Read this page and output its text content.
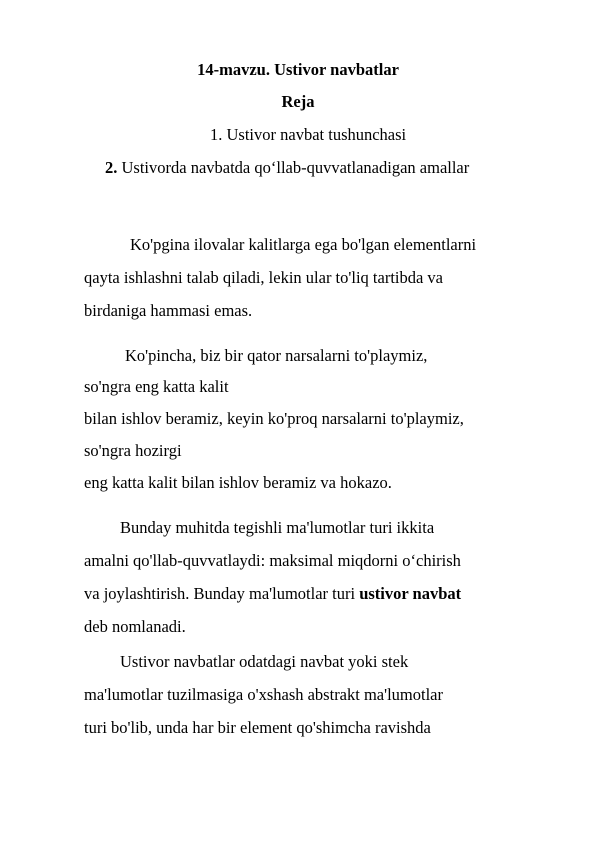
14-mavzu. Ustivor navbatlar
Reja
1. Ustivor navbat tushunchasi
2. Ustivorda navbatda qo‘llab-quvvatlanadigan amallar
Ko'pgina ilovalar kalitlarga ega bo'lgan elementlarni
qayta ishlashni talab qiladi, lekin ular to'liq tartibda va
birdaniga hammasi emas.
Ko'pincha, biz bir qator narsalarni to'playmiz,
so'ngra eng katta kalit
bilan ishlov beramiz, keyin ko'proq narsalarni to'playmiz,
so'ngra hozirgi
eng katta kalit bilan ishlov beramiz va hokazo.
Bunday muhitda tegishli ma'lumotlar turi ikkita
amalni qo'llab-quvvatlaydi: maksimal miqdorni o‘chirish
va joylashtirish. Bunday ma'lumotlar turi ustivor navbat
deb nomlanadi.
Ustivor navbatlar odatdagi navbat yoki stek
ma'lumotlar tuzilmasiga o'xshash abstrakt ma'lumotlar
turi bo'lib, unda har bir element qo'shimcha ravishda
